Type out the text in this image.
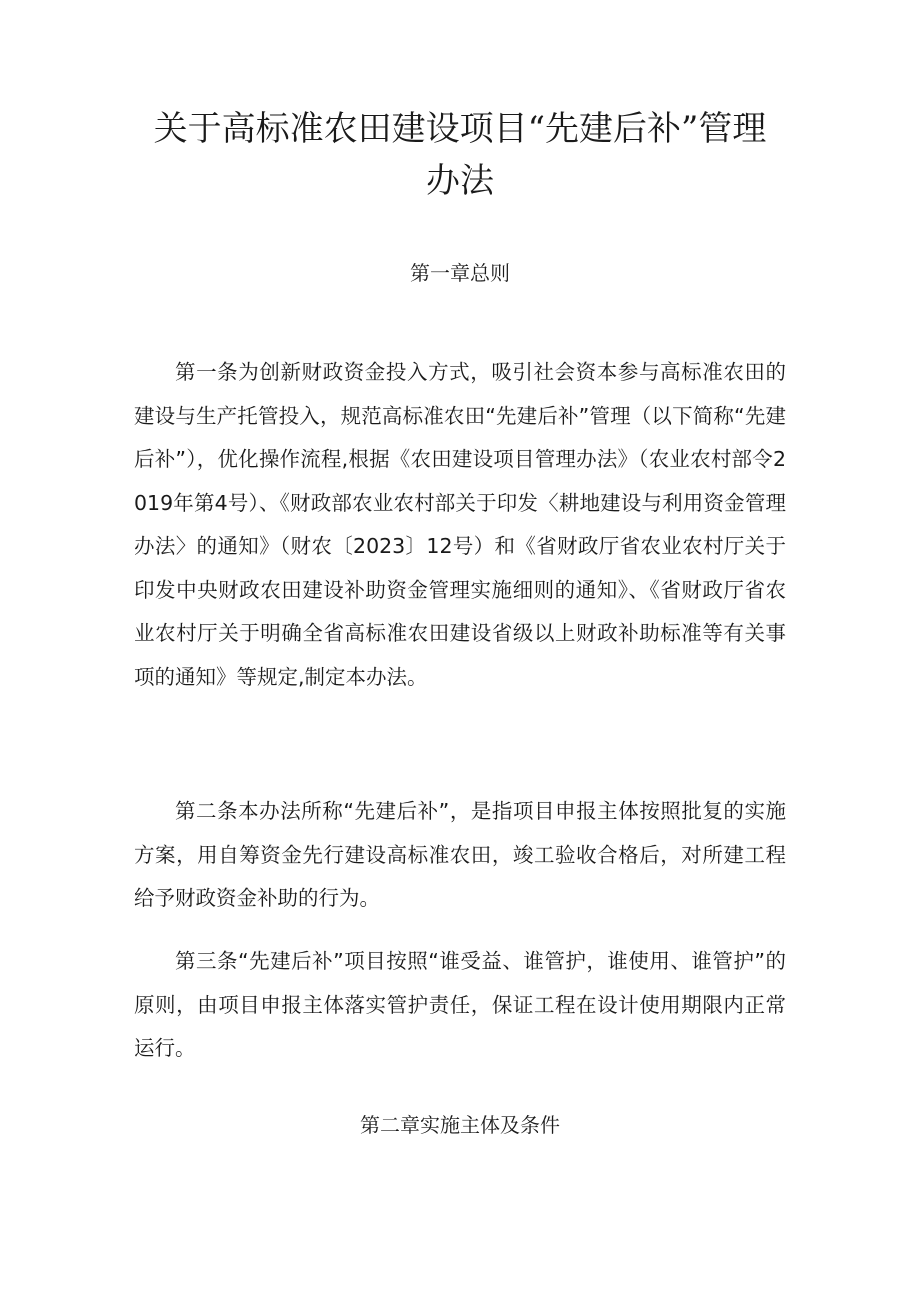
关于高标准农田建设项目“先建后补”管理办法
第一章总则

第一条为创新财政资金投入方式，吸引社会资本参与高标准农田的建设与生产托管投入，规范高标准农田“先建后补”管理（以下简称“先建后补”），优化操作流程,根据《农田建设项目管理办法》（农业农村部令2019年第4号）、《财政部农业农村部关于印发〈耕地建设与利用资金管理办法〉的通知》（财农〔2023〕12号）和《省财政厅省农业农村厅关于印发中央财政农田建设补助资金管理实施细则的通知》、《省财政厅省农业农村厅关于明确全省高标准农田建设省级以上财政补助标准等有关事项的通知》等规定,制定本办法。

第二条本办法所称“先建后补”，是指项目申报主体按照批复的实施方案，用自筹资金先行建设高标准农田，竣工验收合格后，对所建工程给予财政资金补助的行为。

第三条“先建后补”项目按照“谁受益、谁管护，谁使用、谁管护”的原则，由项目申报主体落实管护责任，保证工程在设计使用期限内正常运行。

第二章实施主体及条件
